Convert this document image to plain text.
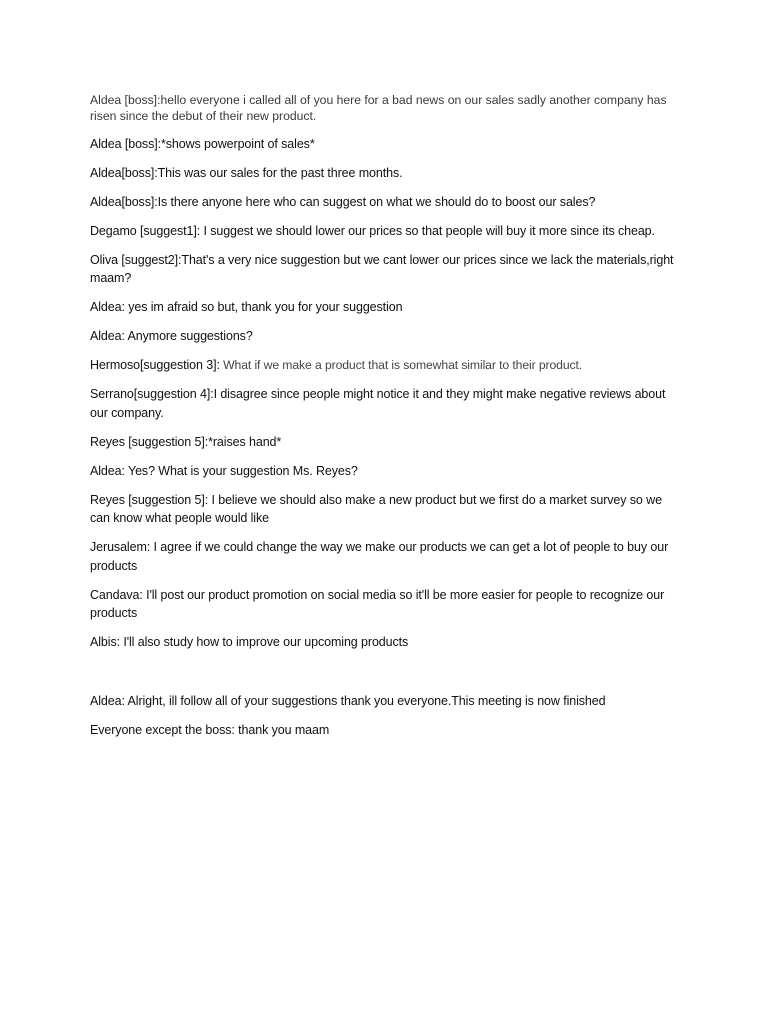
Aldea [boss]:hello everyone i called all of you here for a bad news on our sales sadly another company has risen since the debut of their new product.

Aldea [boss]:*shows powerpoint of sales*

Aldea[boss]:This was our sales for the past three months.

Aldea[boss]:Is there anyone here who can suggest on what we should do to boost our sales?

Degamo [suggest1]: I suggest we should lower our prices so that people will buy it more since its cheap.

Oliva [suggest2]:That's a very nice suggestion but we cant lower our prices since we lack the materials,right maam?

Aldea: yes im afraid so but, thank you for your suggestion

Aldea: Anymore suggestions?

Hermoso[suggestion 3]: What if we make a product that is somewhat similar to their product.

Serrano[suggestion 4]:I disagree since people might notice it and they might make negative reviews about our company.

Reyes [suggestion 5]:*raises hand*

Aldea: Yes? What is your suggestion Ms. Reyes?

Reyes [suggestion 5]: I believe we should also make a new product but we first do a market survey so we can know what people would like

Jerusalem: I agree if we could change the way we make our products we can get a lot of people to buy our products

Candava: I'll post our product promotion on social media so it'll be more easier for people to recognize our products

Albis: I'll also study how to improve our upcoming products

Aldea: Alright, ill follow all of your suggestions thank you everyone.This meeting is now finished

Everyone except the boss: thank you maam
